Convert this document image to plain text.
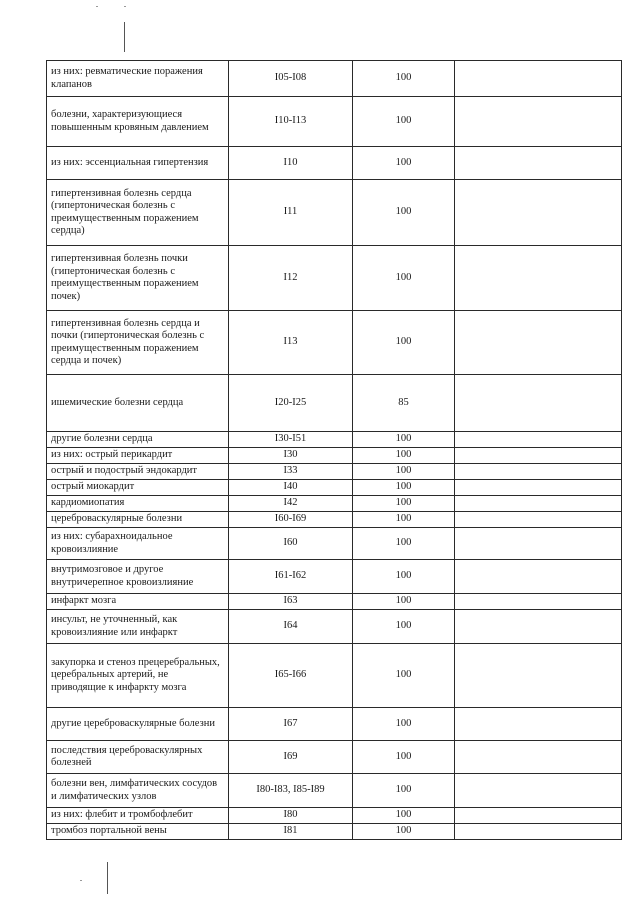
из них: ревматические поражения клапанов	I05-I08	100	
болезни, характеризующиеся повышенным кровяным давлением	I10-I13	100	
из них: эссенциальная гипертензия	I10	100	
гипертензивная болезнь сердца (гипертоническая болезнь с преимущественным поражением сердца)	I11	100	
гипертензивная болезнь почки (гипертоническая болезнь с преимущественным поражением почек)	I12	100	
гипертензивная болезнь сердца и почки (гипертоническая болезнь с преимущественным поражением сердца и почек)	I13	100	
ишемические болезни сердца	I20-I25	85	
другие болезни сердца	I30-I51	100	
из них: острый перикардит	I30	100	
острый и подострый эндокардит	I33	100	
острый миокардит	I40	100	
кардиомиопатия	I42	100	
цереброваскулярные болезни	I60-I69	100	
из них: субарахноидальное кровоизлияние	I60	100	
внутримозговое и другое внутричерепное кровоизлияние	I61-I62	100	
инфаркт мозга	I63	100	
инсульт, не уточненный, как кровоизлияние или инфаркт	I64	100	
закупорка и стеноз прецеребральных, церебральных артерий, не приводящие к инфаркту мозга	I65-I66	100	
другие цереброваскулярные болезни	I67	100	
последствия цереброваскулярных болезней	I69	100	
болезни вен, лимфатических сосудов и лимфатических узлов	I80-I83, I85-I89	100	
из них: флебит и тромбофлебит	I80	100	
тромбоз портальной вены	I81	100	
